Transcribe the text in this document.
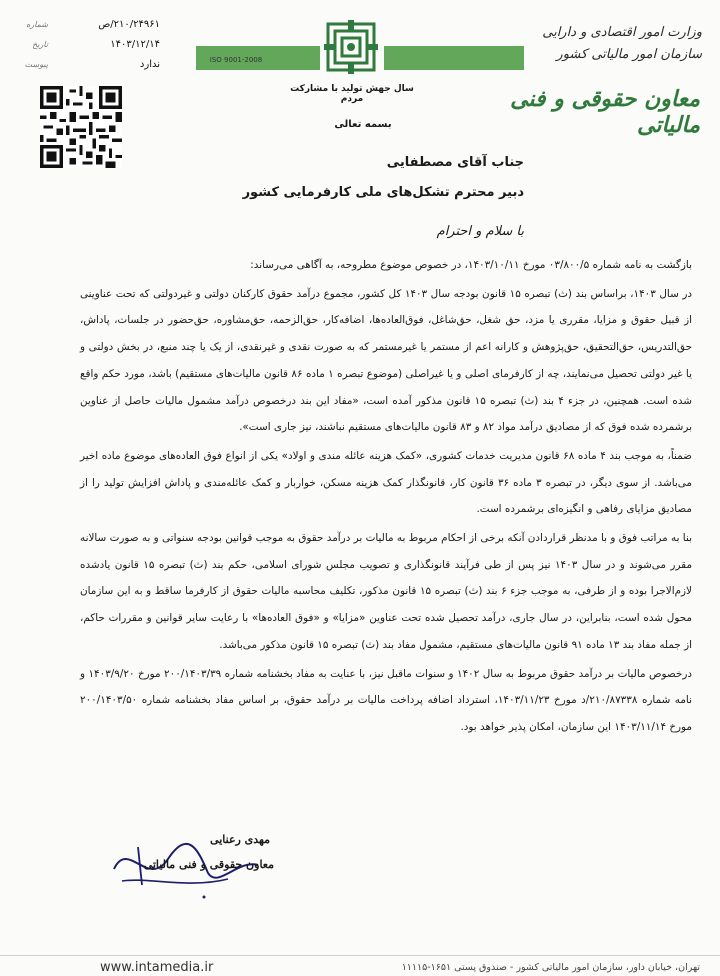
وزارت امور اقتصادی و دارایی
سازمان امور مالیاتی کشور
معاون حقوقی و فنی مالیاتی
ISO 9001-2008
سال جهش تولید با مشارکت مردم
بسمه تعالی
شماره	۲۱۰/۲۴۹۶۱/ص
تاریخ	۱۴۰۳/۱۲/۱۴
پیوست	ندارد
جناب آقای مصطفایی
دبیر محترم تشکل‌های ملی کارفرمایی کشور
با سلام و احترام

بازگشت به نامه شماره ۰۳/۸۰۰/۵ مورخ ۱۴۰۳/۱۰/۱۱، در خصوص موضوع مطروحه، به آگاهی می‌رساند:

در سال ۱۴۰۳، براساس بند (ث) تبصره ۱۵ قانون بودجه سال ۱۴۰۳ کل کشور، مجموع درآمد حقوق کارکنان دولتی و غیردولتی که تحت عناوینی از قبیل حقوق و مزایا، مقرری یا مزد، حق شغل، حق‌شاغل، فوق‌العاده‌ها، اضافه‌کار، حق‌الزحمه، حق‌مشاوره، حق‌حضور در جلسات، پاداش، حق‌التدریس، حق‌التحقیق، حق‌پژوهش و کارانه اعم از مستمر یا غیرمستمر که به صورت نقدی و غیرنقدی، از یک یا چند منبع، در بخش دولتی و یا غیر دولتی تحصیل می‌نمایند، چه از کارفرمای اصلی و یا غیراصلی (موضوع تبصره ۱ ماده ۸۶ قانون مالیات‌های مستقیم) باشد، مورد حکم واقع شده است. همچنین، در جزء ۴ بند (ث) تبصره ۱۵ قانون مذکور آمده است، «مفاد این بند درخصوص درآمد مشمول مالیات حاصل از عناوین برشمرده شده فوق که از مصادیق درآمد مواد ۸۲ و ۸۳ قانون مالیات‌های مستقیم نباشند، نیز جاری است».

ضمناً، به موجب بند ۴ ماده ۶۸ قانون مدیریت خدمات کشوری، «کمک هزینه عائله مندی و اولاد» یکی از انواع فوق العاده‌های موضوع ماده اخیر می‌باشد. از سوی دیگر، در تبصره ۳ ماده ۳۶ قانون کار، قانونگذار کمک هزینه مسکن، خواربار و کمک عائله‌مندی و پاداش افزایش تولید را از مصادیق مزایای رفاهی و انگیزه‌ای برشمرده است.

بنا به مراتب فوق و با مدنظر قراردادن آنکه برخی از احکام مربوط به مالیات بر درآمد حقوق به موجب قوانین بودجه سنواتی و به صورت سالانه مقرر می‌شوند و در سال ۱۴۰۳ نیز پس از طی فرآیند قانونگذاری و تصویب مجلس شورای اسلامی، حکم بند (ث) تبصره ۱۵ قانون یادشده لازم‌الاجرا بوده و از طرفی، به موجب جزء ۶ بند (ث) تبصره ۱۵ قانون مذکور، تکلیف محاسبه مالیات حقوق از کارفرما ساقط و به این سازمان محول شده است، بنابراین، در سال جاری، درآمد تحصیل شده تحت عناوین «مزایا» و «فوق العاده‌ها» با رعایت سایر قوانین و مقررات حاکم، از جمله مفاد بند ۱۳ ماده ۹۱ قانون مالیات‌های مستقیم، مشمول مفاد بند (ث) تبصره ۱۵ قانون مذکور می‌باشد.

درخصوص مالیات بر درآمد حقوق مربوط به سال ۱۴۰۲ و سنوات ماقبل نیز، با عنایت به مفاد بخشنامه شماره ۲۰۰/۱۴۰۳/۳۹ مورخ ۱۴۰۳/۹/۲۰ و نامه شماره ۲۱۰/۸۷۳۳۸/د مورخ ۱۴۰۳/۱۱/۲۳، استرداد اضافه پرداخت مالیات بر درآمد حقوق، بر اساس مفاد بخشنامه شماره ۲۰۰/۱۴۰۳/۵۰ مورخ ۱۴۰۳/۱۱/۱۴ این سازمان، امکان پذیر خواهد بود.

مهدی رعنایی
معاون حقوقی و فنی مالیاتی
www.intamedia.ir	تهران، خیابان داور، سازمان امور مالیاتی کشور - صندوق پستی ۱۶۵۱-۱۱۱۱۵
